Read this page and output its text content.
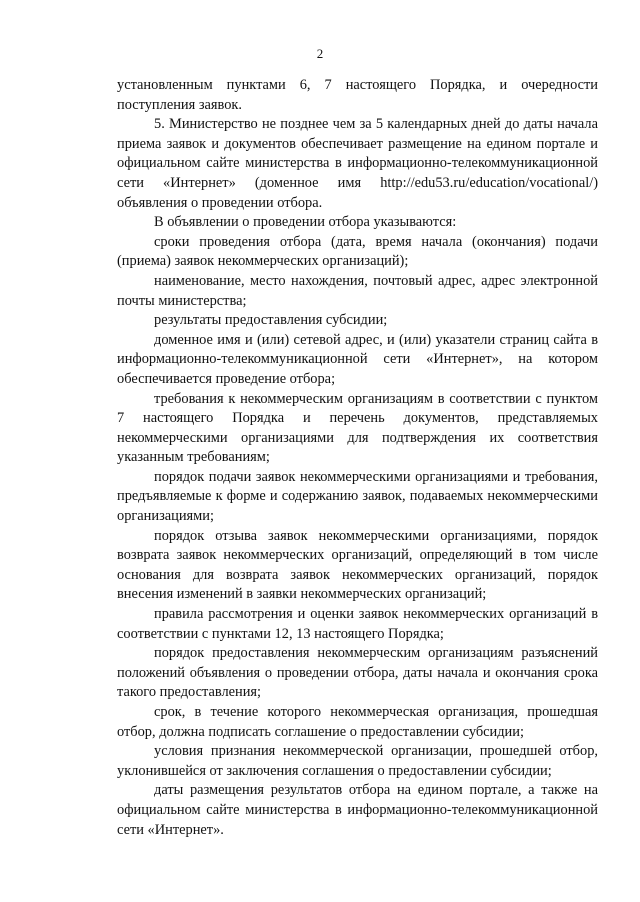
2

установленным пунктами 6, 7 настоящего Порядка, и очередности поступления заявок.

5. Министерство не позднее чем за 5 календарных дней до даты начала приема заявок и документов обеспечивает размещение на едином портале и официальном сайте министерства в информационно-телекоммуникационной сети «Интернет» (доменное имя http://edu53.ru/education/vocational/) объявления о проведении отбора.

В объявлении о проведении отбора указываются:

сроки проведения отбора (дата, время начала (окончания) подачи (приема) заявок некоммерческих организаций);

наименование, место нахождения, почтовый адрес, адрес электронной почты министерства;

результаты предоставления субсидии;

доменное имя и (или) сетевой адрес, и (или) указатели страниц сайта в информационно-телекоммуникационной сети «Интернет», на котором обеспечивается проведение отбора;

требования к некоммерческим организациям в соответствии с пунктом 7 настоящего Порядка и перечень документов, представляемых некоммерческими организациями для подтверждения их соответствия указанным требованиям;

порядок подачи заявок некоммерческими организациями и требования, предъявляемые к форме и содержанию заявок, подаваемых некоммерческими организациями;

порядок отзыва заявок некоммерческими организациями, порядок возврата заявок некоммерческих организаций, определяющий в том числе основания для возврата заявок некоммерческих организаций, порядок внесения изменений в заявки некоммерческих организаций;

правила рассмотрения и оценки заявок некоммерческих организаций в соответствии с пунктами 12, 13 настоящего Порядка;

порядок предоставления некоммерческим организациям разъяснений положений объявления о проведении отбора, даты начала и окончания срока такого предоставления;

срок, в течение которого некоммерческая организация, прошедшая отбор, должна подписать соглашение о предоставлении субсидии;

условия признания некоммерческой организации, прошедшей отбор, уклонившейся от заключения соглашения о предоставлении субсидии;

даты размещения результатов отбора на едином портале, а также на официальном сайте министерства в информационно-телекоммуникационной сети «Интернет».
